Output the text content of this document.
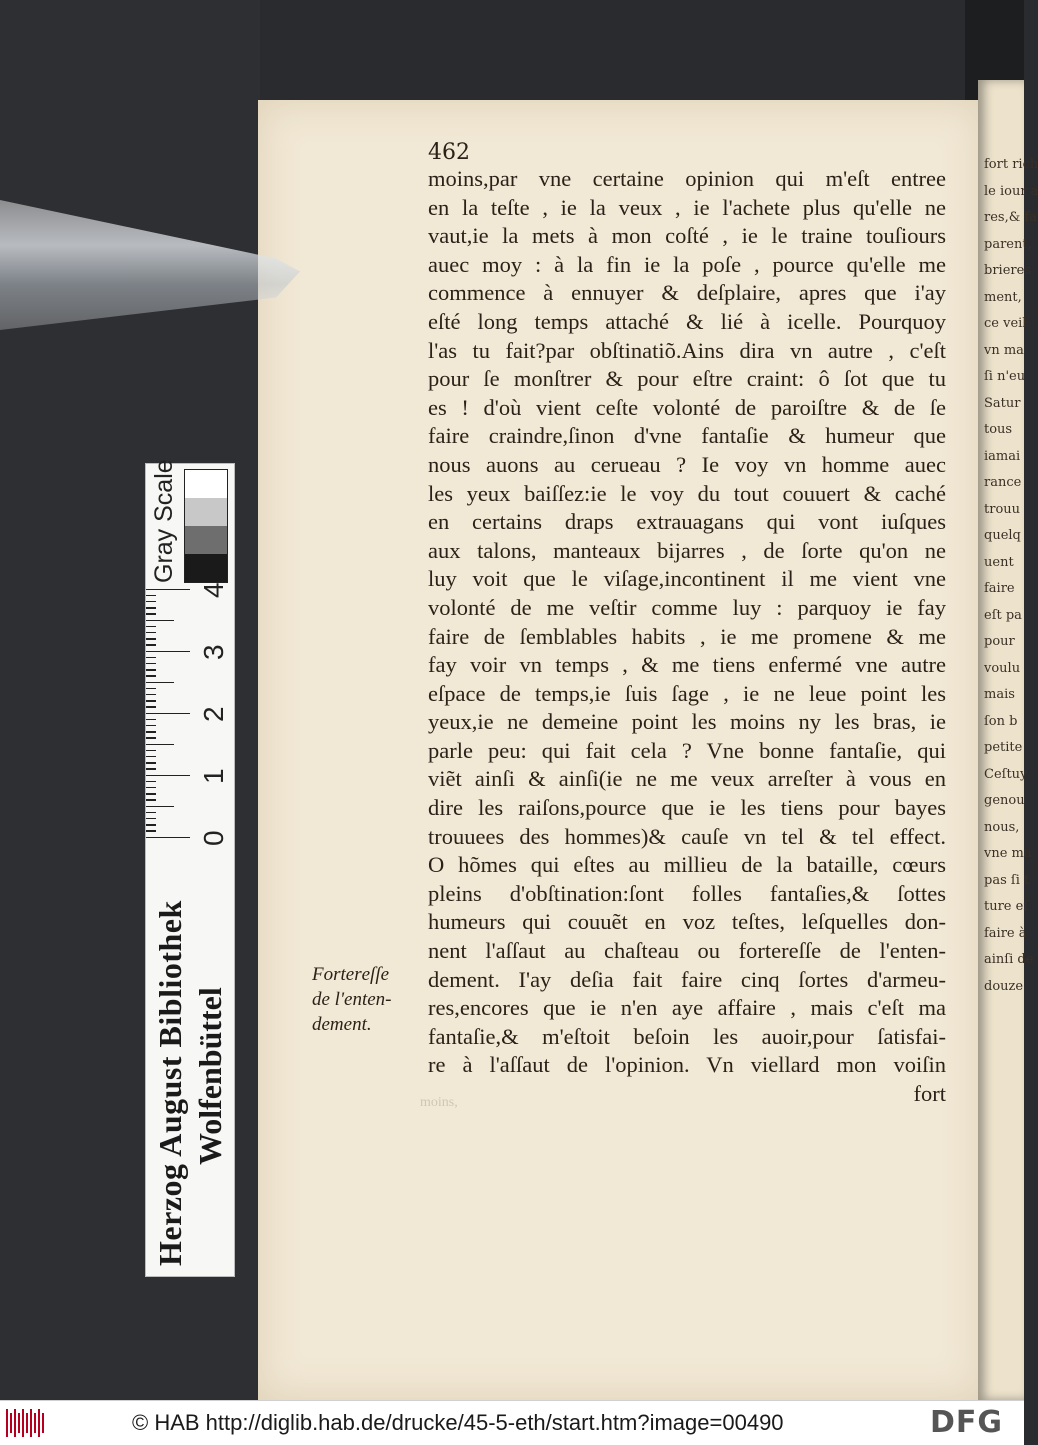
fort rich
le iour a
res,& fa
parent,
brieres
ment,
ce veil
vn ma
ſi n'eu
Satur
tous
iamai
rance
trouu
quelq
uent
faire
eſt pa
pour
voulu
mais
ſon b
petite
Ceſtuy
genou
nous,
vne ma
pas ſi t
ture eſ
faire à
ainſi de
douze
462
moins,par vne certaine opinion qui m'eſt entree
en la teſte , ie la veux , ie l'achete plus qu'elle ne
vaut,ie la mets à mon coſté , ie le traine touſiours
auec moy : à la fin ie la poſe , pource qu'elle me
commence à ennuyer & deſplaire, apres que i'ay
eſté long temps attaché & lié à icelle. Pourquoy
l'as tu fait?par obſtinatiõ.Ains dira vn autre , c'eſt
pour ſe monſtrer & pour eſtre craint: ô ſot que tu
es ! d'où vient ceſte volonté de paroiſtre & de ſe
faire craindre,ſinon d'vne fantaſie & humeur que
nous auons au cerueau ? Ie voy vn homme auec
les yeux baiſſez:ie le voy du tout couuert & caché
en certains draps extrauagans qui vont iuſques
aux talons, manteaux bijarres , de ſorte qu'on ne
luy voit que le viſage,incontinent il me vient vne
volonté de me veſtir comme luy : parquoy ie fay
faire de ſemblables habits , ie me promene & me
fay voir vn temps , & me tiens enfermé vne autre
eſpace de temps,ie ſuis ſage , ie ne leue point les
yeux,ie ne demeine point les moins ny les bras, ie
parle peu: qui fait cela ? Vne bonne fantaſie, qui
viẽt ainſi & ainſi(ie ne me veux arreſter à vous en
dire les raiſons,pource que ie les tiens pour bayes
trouuees des hommes)& cauſe vn tel & tel effect.
O hõmes qui eſtes au millieu de la bataille, cœurs
pleins d'obſtination:ſont folles fantaſies,& ſottes
humeurs qui couuẽt en voz teſtes, leſquelles don-
nent l'aſſaut au chaſteau ou forterеſſe de l'enten-
dement. I'ay deſia fait faire cinq ſortes d'armeu-
res,encores que ie n'en aye affaire , mais c'eſt ma
fantaſie,& m'eſtoit beſoin les auoir,pour ſatisfai-
re à l'aſſaut de l'opinion. Vn viellard mon voiſin
fort
Forterеſſe
de l'enten-
dement.
moins,
Herzog August Bibliothek Wolfenbüttel
0
1
2
3
4
Gray Scale
© HAB http://diglib.hab.de/drucke/45-5-eth/start.htm?image=00490	DFG
